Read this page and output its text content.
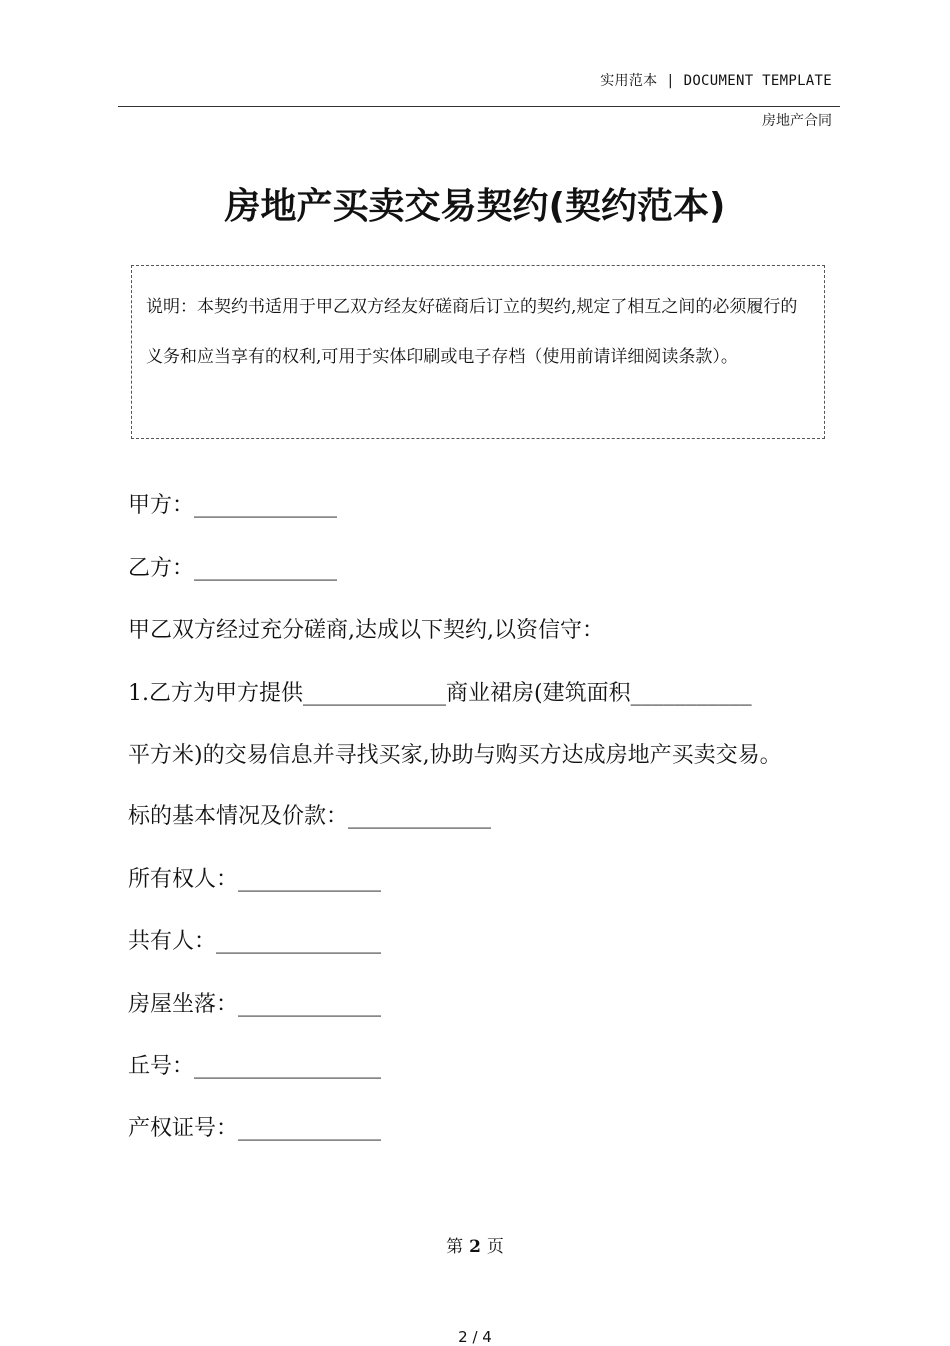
实用范本 | DOCUMENT TEMPLATE
房地产合同
房地产买卖交易契约(契约范本)
说明：本契约书适用于甲乙双方经友好磋商后订立的契约,规定了相互之间的必须履行的义务和应当享有的权利,可用于实体印刷或电子存档（使用前请详细阅读条款）。
甲方：_____________
乙方：_____________
甲乙双方经过充分磋商,达成以下契约,以资信守：
1.乙方为甲方提供_____________商业裙房(建筑面积___________
平方米)的交易信息并寻找买家,协助与购买方达成房地产买卖交易。
标的基本情况及价款：_____________
所有权人：_____________
共有人：_______________
房屋坐落：_____________
丘号：_________________
产权证号：_____________
第 2 页
2 / 4
